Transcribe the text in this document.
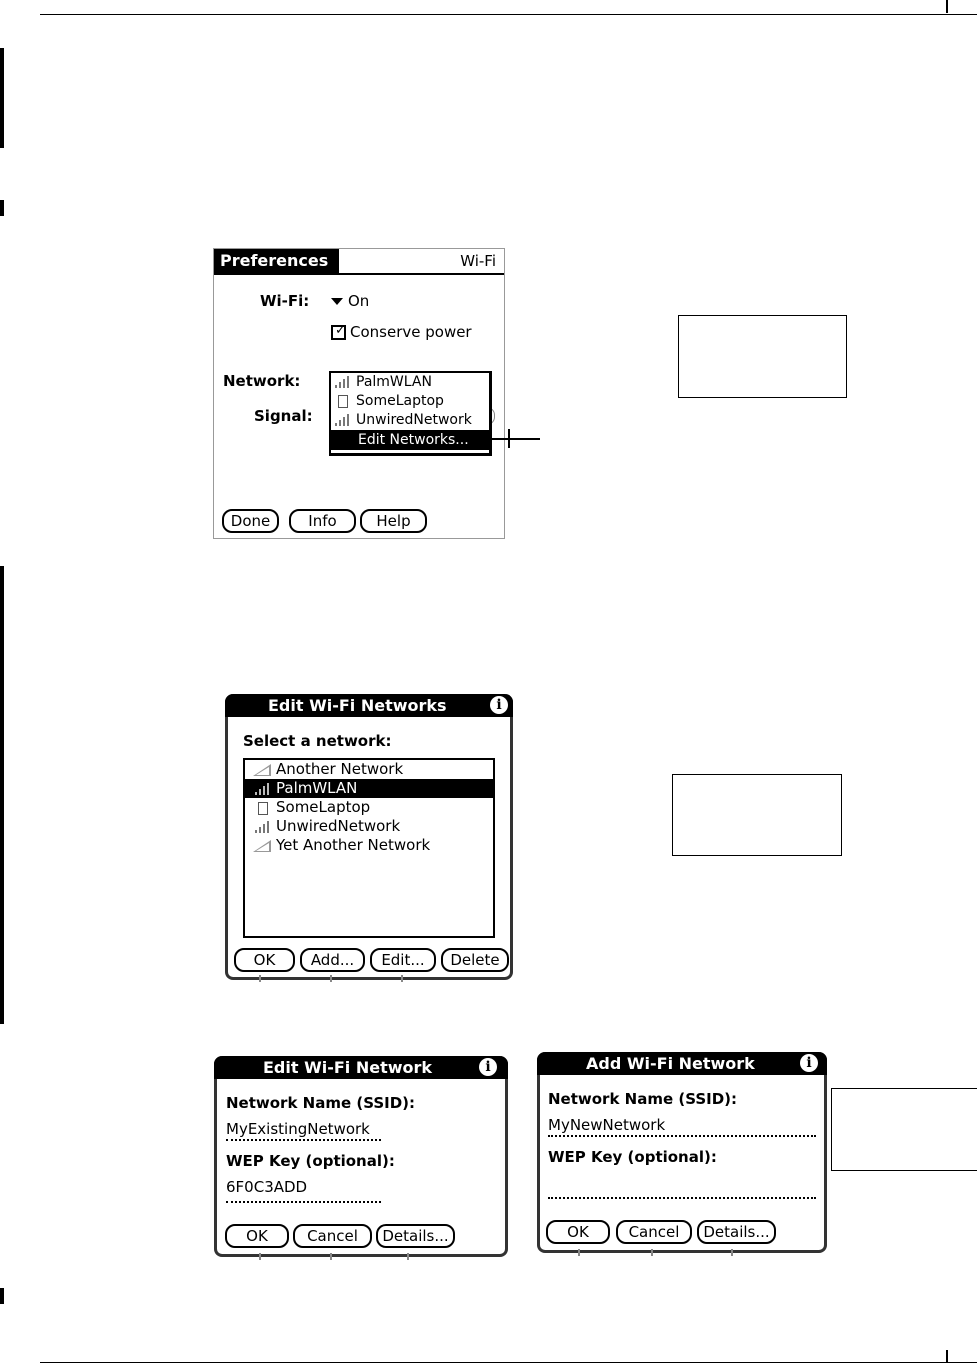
Preferences	Wi-Fi
Wi-Fi:	On
✓ Conserve power
Network:
Signal:
PalmWLAN
SomeLaptop
UnwiredNetwork
Edit Networks...
Done	Info	Help
Edit Wi-Fi Networks	i
Select a network:
Another Network
PalmWLAN
SomeLaptop
UnwiredNetwork
Yet Another Network
OK	Add...	Edit...	Delete
Edit Wi-Fi Network	i
Network Name (SSID):
MyExistingNetwork
WEP Key (optional):
6F0C3ADD
OK	Cancel	Details...
Add Wi-Fi Network	i
Network Name (SSID):
MyNewNetwork
WEP Key (optional):
OK	Cancel	Details...
